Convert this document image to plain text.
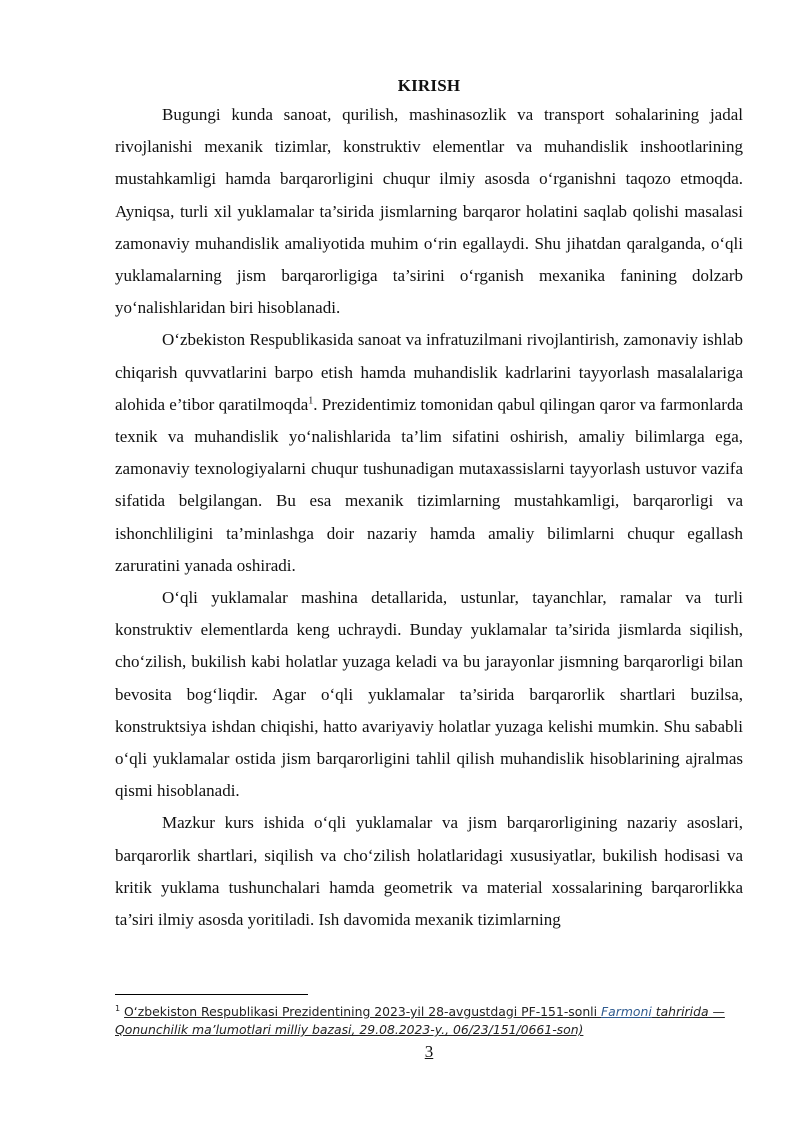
KIRISH

Bugungi kunda sanoat, qurilish, mashinasozlik va transport sohalarining jadal rivojlanishi mexanik tizimlar, konstruktiv elementlar va muhandislik inshootlarining mustahkamligi hamda barqarorligini chuqur ilmiy asosda o‘rganishni taqozo etmoqda. Ayniqsa, turli xil yuklamalar ta’sirida jismlarning barqaror holatini saqlab qolishi masalasi zamonaviy muhandislik amaliyotida muhim o‘rin egallaydi. Shu jihatdan qaralganda, o‘qli yuklamalarning jism barqarorligiga ta’sirini o‘rganish mexanika fanining dolzarb yo‘nalishlaridan biri hisoblanadi.

O‘zbekiston Respublikasida sanoat va infratuzilmani rivojlantirish, zamonaviy ishlab chiqarish quvvatlarini barpo etish hamda muhandislik kadrlarini tayyorlash masalalariga alohida e’tibor qaratilmoqda$^1$. Prezidentimiz tomonidan qabul qilingan qaror va farmonlarda texnik va muhandislik yo‘nalishlarida ta’lim sifatini oshirish, amaliy bilimlarga ega, zamonaviy texnologiyalarni chuqur tushunadigan mutaxassislarni tayyorlash ustuvor vazifa sifatida belgilangan. Bu esa mexanik tizimlarning mustahkamligi, barqarorligi va ishonchliligini ta’minlashga doir nazariy hamda amaliy bilimlarni chuqur egallash zaruratini yanada oshiradi.

O‘qli yuklamalar mashina detallarida, ustunlar, tayanchlar, ramalar va turli konstruktiv elementlarda keng uchraydi. Bunday yuklamalar ta’sirida jismlarda siqilish, cho‘zilish, bukilish kabi holatlar yuzaga keladi va bu jarayonlar jismning barqarorligi bilan bevosita bog‘liqdir. Agar o‘qli yuklamalar ta’sirida barqarorlik shartlari buzilsa, konstruktsiya ishdan chiqishi, hatto avariyaviy holatlar yuzaga kelishi mumkin. Shu sababli o‘qli yuklamalar ostida jism barqarorligini tahlil qilish muhandislik hisoblarining ajralmas qismi hisoblanadi.

Mazkur kurs ishida o‘qli yuklamalar va jism barqarorligining nazariy asoslari, barqarorlik shartlari, siqilish va cho‘zilish holatlaridagi xususiyatlar, bukilish hodisasi va kritik yuklama tushunchalari hamda geometrik va material xossalarining barqarorlikka ta’siri ilmiy asosda yoritiladi. Ish davomida mexanik tizimlarning

$^1$ O‘zbekiston Respublikasi Prezidentining 2023-yil 28-avgustdagi PF-151-sonli Farmoni tahririda — Qonunchilik ma’lumotlari milliy bazasi, 29.08.2023-y., 06/23/151/0661-son)
3
